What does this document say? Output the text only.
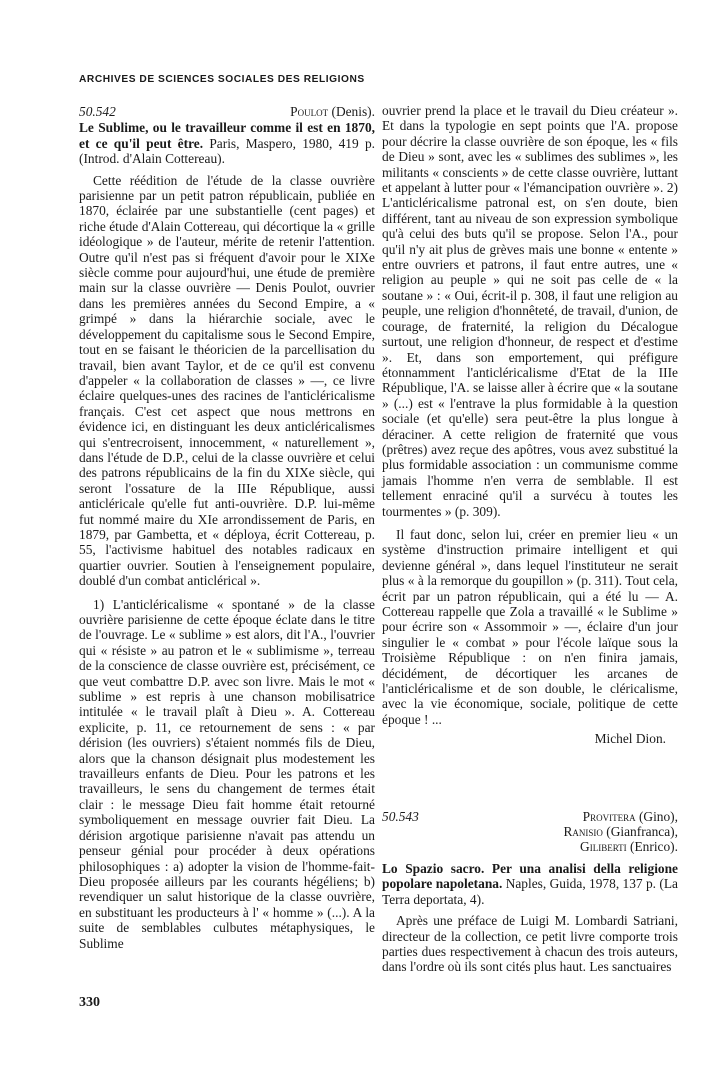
ARCHIVES DE SCIENCES SOCIALES DES RELIGIONS
50.542	Poulot (Denis).

Le Sublime, ou le travailleur comme il est en 1870, et ce qu'il peut être. Paris, Maspero, 1980, 419 p. (Introd. d'Alain Cottereau).

Cette réédition de l'étude de la classe ouvrière parisienne par un petit patron républicain, publiée en 1870, éclairée par une substantielle (cent pages) et riche étude d'Alain Cottereau, qui décortique la « grille idéologique » de l'auteur, mérite de retenir l'attention. Outre qu'il n'est pas si fréquent d'avoir pour le XIXe siècle comme pour aujourd'hui, une étude de première main sur la classe ouvrière — Denis Poulot, ouvrier dans les premières années du Second Empire, a « grimpé » dans la hiérarchie sociale, avec le développement du capitalisme sous le Second Empire, tout en se faisant le théoricien de la parcellisation du travail, bien avant Taylor, et de ce qu'il est convenu d'appeler « la collaboration de classes » —, ce livre éclaire quelques-unes des racines de l'anticléricalisme français. C'est cet aspect que nous mettrons en évidence ici, en distinguant les deux anticléricalismes qui s'entrecroisent, innocemment, « naturellement », dans l'étude de D.P., celui de la classe ouvrière et celui des patrons républicains de la fin du XIXe siècle, qui seront l'ossature de la IIIe République, aussi anticléricale qu'elle fut anti-ouvrière. D.P. lui-même fut nommé maire du XIe arrondissement de Paris, en 1879, par Gambetta, et « déploya, écrit Cottereau, p. 55, l'activisme habituel des notables radicaux en quartier ouvrier. Soutien à l'enseignement populaire, doublé d'un combat anticlérical ».

1) L'anticléricalisme « spontané » de la classe ouvrière parisienne de cette époque éclate dans le titre de l'ouvrage. Le « sublime » est alors, dit l'A., l'ouvrier qui « résiste » au patron et le « sublimisme », terreau de la conscience de classe ouvrière est, précisément, ce que veut combattre D.P. avec son livre. Mais le mot « sublime » est repris à une chanson mobilisatrice intitulée « le travail plaît à Dieu ». A. Cottereau explicite, p. 11, ce retournement de sens : « par dérision (les ouvriers) s'étaient nommés fils de Dieu, alors que la chanson désignait plus modestement les travailleurs enfants de Dieu. Pour les patrons et les travailleurs, le sens du changement de termes était clair : le message Dieu fait homme était retourné symboliquement en message ouvrier fait Dieu. La dérision argotique parisienne n'avait pas attendu un penseur génial pour procéder à deux opérations philosophiques : a) adopter la vision de l'homme-fait-Dieu proposée ailleurs par les courants hégéliens; b) revendiquer un salut historique de la classe ouvrière, en substituant les producteurs à l' « homme » (...). A la suite de semblables culbutes métaphysiques, le Sublime

ouvrier prend la place et le travail du Dieu créateur ». Et dans la typologie en sept points que l'A. propose pour décrire la classe ouvrière de son époque, les « fils de Dieu » sont, avec les « sublimes des sublimes », les militants « conscients » de cette classe ouvrière, luttant et appelant à lutter pour « l'émancipation ouvrière ». 2) L'anticléricalisme patronal est, on s'en doute, bien différent, tant au niveau de son expression symbolique qu'à celui des buts qu'il se propose. Selon l'A., pour qu'il n'y ait plus de grèves mais une bonne « entente » entre ouvriers et patrons, il faut entre autres, une « religion au peuple » qui ne soit pas celle de « la soutane » : « Oui, écrit-il p. 308, il faut une religion au peuple, une religion d'honnêteté, de travail, d'union, de courage, de fraternité, la religion du Décalogue surtout, une religion d'honneur, de respect et d'estime ». Et, dans son emportement, qui préfigure étonnamment l'anticléricalisme d'Etat de la IIIe République, l'A. se laisse aller à écrire que « la soutane » (...) est « l'entrave la plus formidable à la question sociale (et qu'elle) sera peut-être la plus longue à déraciner. A cette religion de fraternité que vous (prêtres) avez reçue des apôtres, vous avez substitué la plus formidable association : un communisme comme jamais l'homme n'en verra de semblable. Il est tellement enraciné qu'il a survécu à toutes les tourmentes » (p. 309).

Il faut donc, selon lui, créer en premier lieu « un système d'instruction primaire intelligent et qui devienne général », dans lequel l'instituteur ne serait plus « à la remorque du goupillon » (p. 311). Tout cela, écrit par un patron républicain, qui a été lu — A. Cottereau rappelle que Zola a travaillé « le Sublime » pour écrire son « Assommoir » —, éclaire d'un jour singulier le « combat » pour l'école laïque sous la Troisième République : on n'en finira jamais, décidément, de décortiquer les arcanes de l'anticléricalisme et de son double, le cléricalisme, avec la vie économique, sociale, politique de cette époque ! ...

Michel Dion.
50.543	Provitera (Gino),
Ranisio (Gianfranca),
Giliberti (Enrico).

Lo Spazio sacro. Per una analisi della religione popolare napoletana. Naples, Guida, 1978, 137 p. (La Terra deportata, 4).

Après une préface de Luigi M. Lombardi Satriani, directeur de la collection, ce petit livre comporte trois parties dues respectivement à chacun des trois auteurs, dans l'ordre où ils sont cités plus haut. Les sanctuaires

330
